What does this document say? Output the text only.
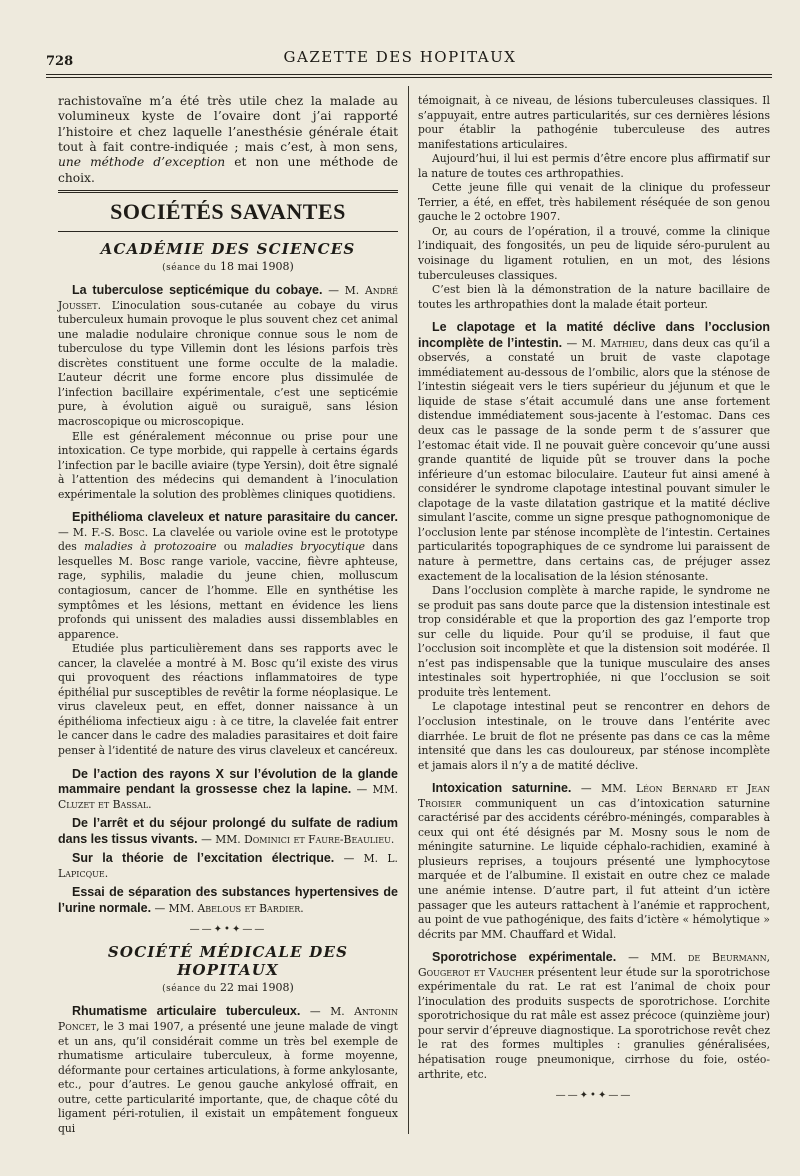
728	GAZETTE DES HOPITAUX

rachistovaïne m’a été très utile chez la malade au volumineux kyste de l’ovaire dont j’ai rapporté l’histoire et chez laquelle l’anesthésie générale était tout à fait contre-indiquée ; mais c’est, à mon sens, une méthode d’exception et non une méthode de choix.

SOCIÉTÉS SAVANTES
ACADÉMIE DES SCIENCES
(séance du 18 mai 1908)

La tuberculose septicémique du cobaye. — M. André Jousset. L’inoculation sous-cutanée au cobaye du virus tuberculeux humain provoque le plus souvent chez cet animal une maladie nodulaire chronique connue sous le nom de tuberculose du type Villemin dont les lésions parfois très discrètes constituent une forme occulte de la maladie. L’auteur décrit une forme encore plus dissimulée de l’infection bacillaire expérimentale, c’est une septicémie pure, à évolution aiguë ou suraiguë, sans lésion macroscopique ou microscopique.

Elle est généralement méconnue ou prise pour une intoxication. Ce type morbide, qui rappelle à certains égards l’infection par le bacille aviaire (type Yersin), doit être signalé à l’attention des médecins qui demandent à l’inoculation expérimentale la solution des problèmes cliniques quotidiens.

Epithélioma claveleux et nature parasitaire du cancer. — M. F.-S. Bosc. La clavelée ou variole ovine est le prototype des maladies à protozoaire ou maladies bryocytique dans lesquelles M. Bosc range variole, vaccine, fièvre aphteuse, rage, syphilis, maladie du jeune chien, molluscum contagiosum, cancer de l’homme. Elle en synthétise les symptômes et les lésions, mettant en évidence les liens profonds qui unissent des maladies aussi dissemblables en apparence.

Etudiée plus particulièrement dans ses rapports avec le cancer, la clavelée a montré à M. Bosc qu’il existe des virus qui provoquent des réactions inflammatoires de type épithélial pur susceptibles de revêtir la forme néoplasique. Le virus claveleux peut, en effet, donner naissance à un épithélioma infectieux aigu : à ce titre, la clavelée fait entrer le cancer dans le cadre des maladies parasitaires et doit faire penser à l’identité de nature des virus claveleux et cancéreux.

De l’action des rayons X sur l’évolution de la glande mammaire pendant la grossesse chez la lapine. — MM. Cluzet et Bassal.

De l’arrêt et du séjour prolongé du sulfate de radium dans les tissus vivants. — MM. Dominici et Faure-Beaulieu.

Sur la théorie de l’excitation électrique. — M. L. Lapicque.

Essai de séparation des substances hypertensives de l’urine normale. — MM. Abelous et Bardier.

——✦•✦——
SOCIÉTÉ MÉDICALE DES HOPITAUX
(séance du 22 mai 1908)

Rhumatisme articulaire tuberculeux. — M. Antonin Poncet, le 3 mai 1907, a présenté une jeune malade de vingt et un ans, qu’il considérait comme un très bel exemple de rhumatisme articulaire tuberculeux, à forme moyenne, déformante pour certaines articulations, à forme ankylosante, etc., pour d’autres. Le genou gauche ankylosé offrait, en outre, cette particularité importante, que, de chaque côté du ligament péri-rotulien, il existait un empâtement fongueux qui

témoignait, à ce niveau, de lésions tuberculeuses classiques. Il s’appuyait, entre autres particularités, sur ces dernières lésions pour établir la pathogénie tuberculeuse des autres manifestations articulaires.

Aujourd’hui, il lui est permis d’être encore plus affirmatif sur la nature de toutes ces arthropathies.

Cette jeune fille qui venait de la clinique du professeur Terrier, a été, en effet, très habilement réséquée de son genou gauche le 2 octobre 1907.

Or, au cours de l’opération, il a trouvé, comme la clinique l’indiquait, des fongosités, un peu de liquide séro-purulent au voisinage du ligament rotulien, en un mot, des lésions tuberculeuses classiques.

C’est bien là la démonstration de la nature bacillaire de toutes les arthropathies dont la malade était porteur.

Le clapotage et la matité déclive dans l’occlusion incomplète de l’intestin. — M. Mathieu, dans deux cas qu’il a observés, a constaté un bruit de vaste clapotage immédiatement au-dessous de l’ombilic, alors que la sténose de l’intestin siégeait vers le tiers supérieur du jéjunum et que le liquide de stase s’était accumulé dans une anse fortement distendue immédiatement sous-jacente à l’estomac. Dans ces deux cas le passage de la sonde perm t de s’assurer que l’estomac était vide. Il ne pouvait guère concevoir qu’une aussi grande quantité de liquide pût se trouver dans la poche inférieure d’un estomac biloculaire. L’auteur fut ainsi amené à considérer le syndrome clapotage intestinal pouvant simuler le clapotage de la vaste dilatation gastrique et la matité déclive simulant l’ascite, comme un signe presque pathognomonique de l’occlusion lente par sténose incomplète de l’intestin. Certaines particularités topographiques de ce syndrome lui paraissent de nature à permettre, dans certains cas, de préjuger assez exactement de la localisation de la lésion sténosante.

Dans l’occlusion complète à marche rapide, le syndrome ne se produit pas sans doute parce que la distension intestinale est trop considérable et que la proportion des gaz l’emporte trop sur celle du liquide. Pour qu’il se produise, il faut que l’occlusion soit incomplète et que la distension soit modérée. Il n’est pas indispensable que la tunique musculaire des anses intestinales soit hypertrophiée, ni que l’occlusion se soit produite très lentement.

Le clapotage intestinal peut se rencontrer en dehors de l’occlusion intestinale, on le trouve dans l’entérite avec diarrhée. Le bruit de flot ne présente pas dans ce cas la même intensité que dans les cas douloureux, par sténose incomplète et jamais alors il n’y a de matité déclive.

Intoxication saturnine. — MM. Léon Bernard et Jean Troisier communiquent un cas d’intoxication saturnine caractérisé par des accidents cérébro-méningés, comparables à ceux qui ont été désignés par M. Mosny sous le nom de méningite saturnine. Le liquide céphalo-rachidien, examiné à plusieurs reprises, a toujours présenté une lymphocytose marquée et de l’albumine. Il existait en outre chez ce malade une anémie intense. D’autre part, il fut atteint d’un ictère passager que les auteurs rattachent à l’anémie et rapprochent, au point de vue pathogénique, des faits d’ictère « hémolytique » décrits par MM. Chauffard et Widal.

Sporotrichose expérimentale. — MM. de Beurmann, Gougerot et Vaucher présentent leur étude sur la sporotrichose expérimentale du rat. Le rat est l’animal de choix pour l’inoculation des produits suspects de sporotrichose. L’orchite sporotrichosique du rat mâle est assez précoce (quinzième jour) pour servir d’épreuve diagnostique. La sporotrichose revêt chez le rat des formes multiples : granulies généralisées, hépatisation rouge pneumonique, cirrhose du foie, ostéo-arthrite, etc.

——✦•✦——
